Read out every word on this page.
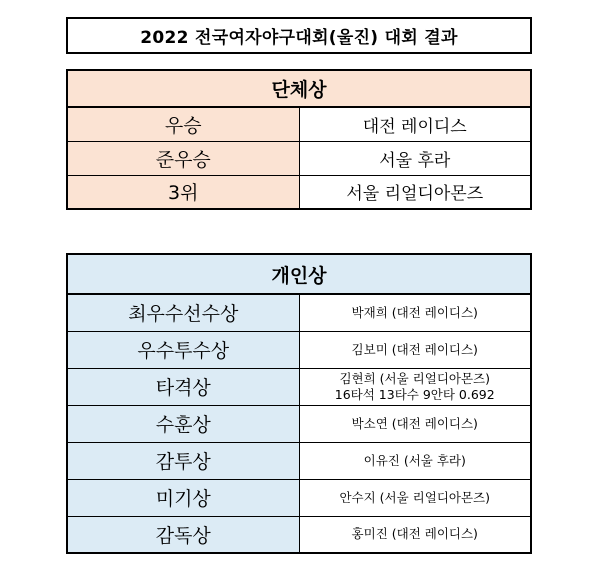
2022 전국여자야구대회(울진) 대회 결과
단체상	
우승	대전 레이디스
준우승	서울 후라
3위	서울 리얼디아몬즈
개인상	
최우수선수상	박재희 (대전 레이디스)
우수투수상	김보미 (대전 레이디스)
타격상	김현희 (서울 리얼디아몬즈)
16타석 13타수 9안타 0.692

수훈상	박소연 (대전 레이디스)
감투상	이유진 (서울 후라)
미기상	안수지 (서울 리얼디아몬즈)
감독상	홍미진 (대전 레이디스)
